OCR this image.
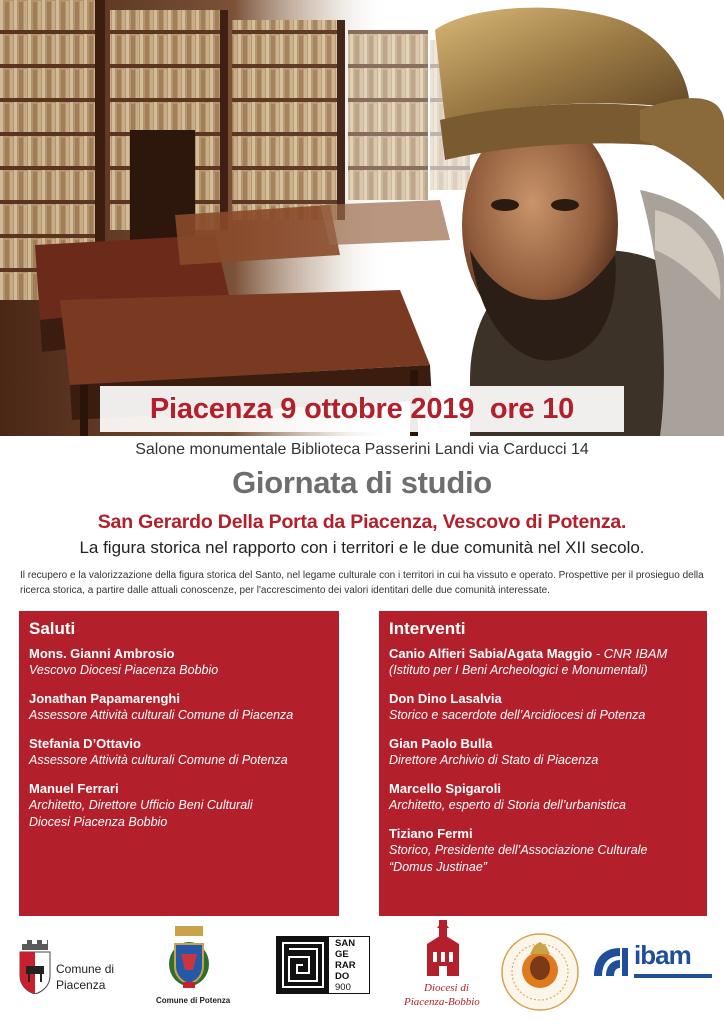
Piacenza 9 ottobre 2019  ore 10
Salone monumentale Biblioteca Passerini Landi via Carducci 14
Giornata di studio
San Gerardo Della Porta da Piacenza, Vescovo di Potenza.
La figura storica nel rapporto con i territori e le due comunità nel XII secolo.
Il recupero e la valorizzazione della figura storica del Santo, nel legame culturale con i territori in cui ha vissuto e operato. Prospettive per il prosieguo della ricerca storica, a partire dalle attuali conoscenze, per l'accrescimento dei valori identitari delle due comunità interessate.
Saluti
Mons. Gianni Ambrosio
Vescovo Diocesi Piacenza Bobbio
Jonathan Papamarenghi
Assessore Attività culturali Comune di Piacenza
Stefania D’Ottavio
Assessore Attività culturali Comune di Potenza
Manuel Ferrari
Architetto, Direttore Ufficio Beni Culturali
Diocesi Piacenza Bobbio
Interventi
Canio Alfieri Sabia/Agata Maggio - CNR IBAM
(Istituto per I Beni Archeologici e Monumentali)
Don Dino Lasalvia
Storico e sacerdote dell’Arcidiocesi di Potenza
Gian Paolo Bulla
Direttore Archivio di Stato di Piacenza
Marcello Spigaroli
Architetto, esperto di Storia dell’urbanistica
Tiziano Fermi
Storico, Presidente dell’Associazione Culturale
“Domus Justinae”
Comune di
Piacenza
Comune di Potenza
SAN
GE
RAR
DO
900	Diocesi di
Piacenza-Bobbio
ibam
